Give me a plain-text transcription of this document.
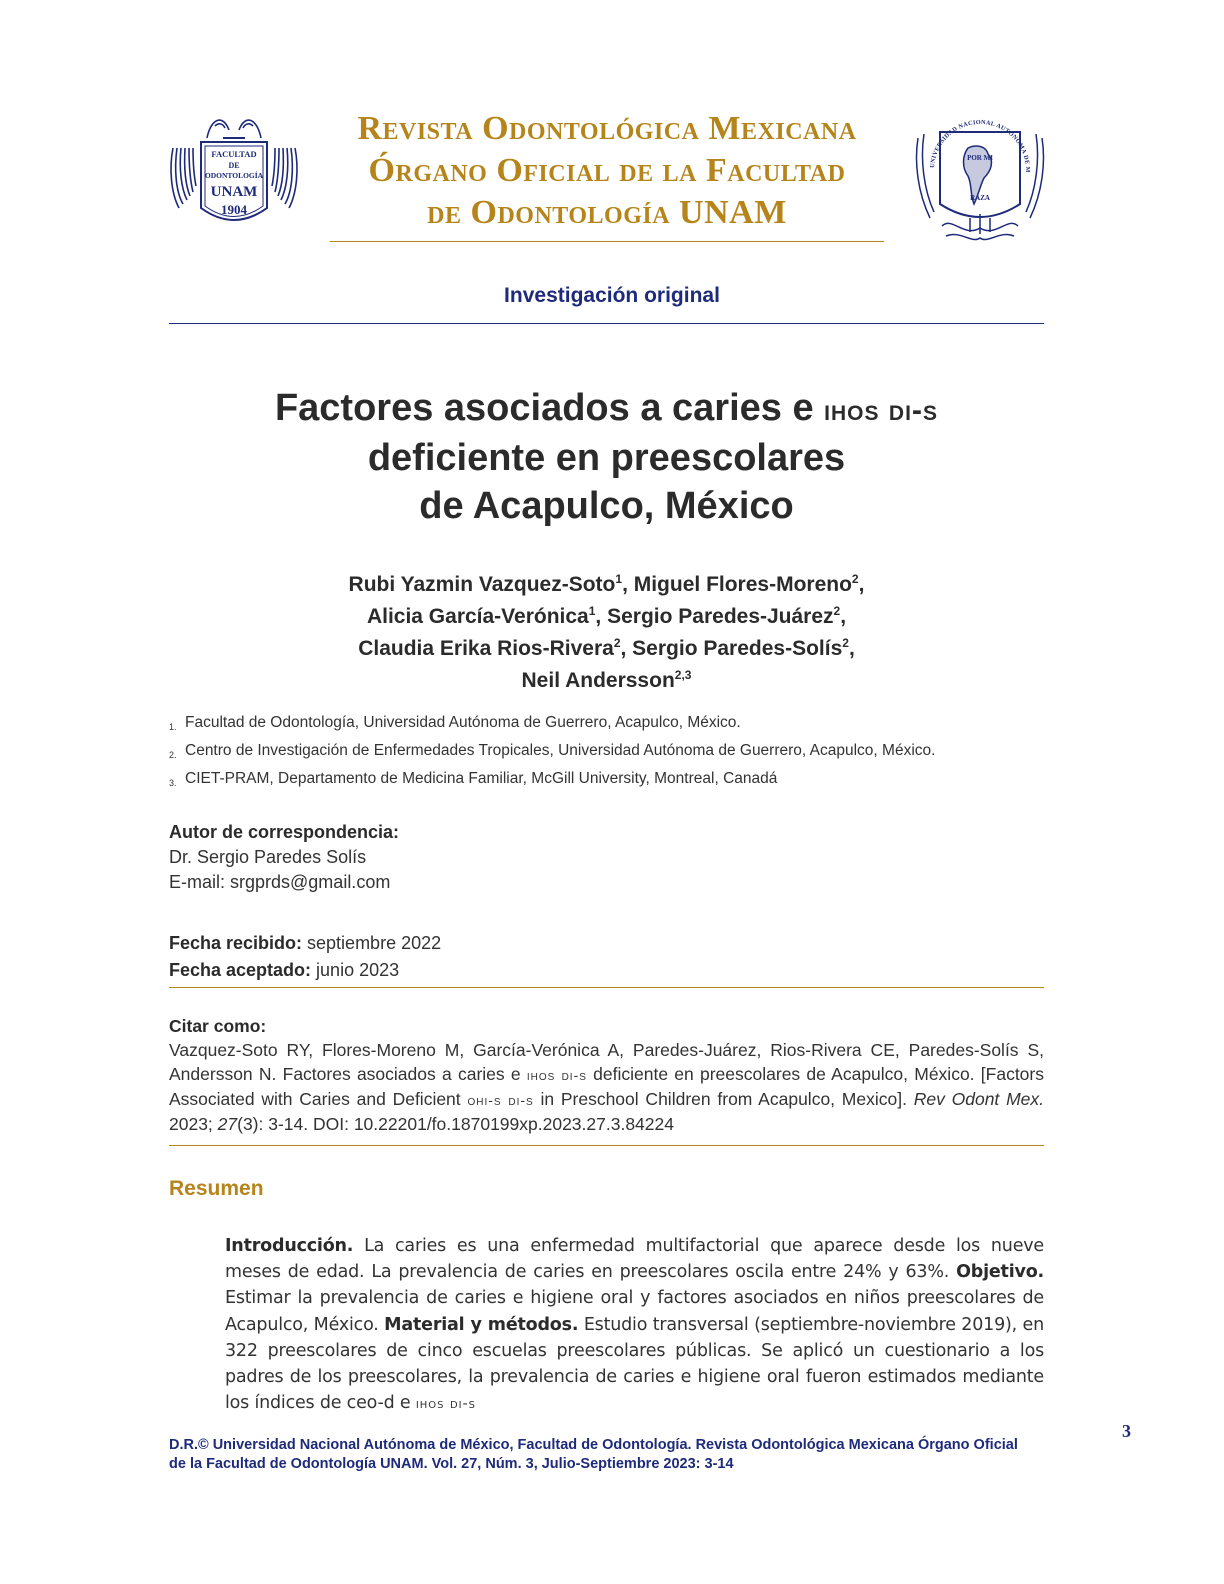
FACULTAD
DE
ODONTOLOGÍA
UNAM
1904
Revista Odontológica Mexicana
Órgano Oficial de la Facultad
de Odontología UNAM
UNIVERSIDAD NACIONAL AUTÓNOMA DE M
POR MI
RAZA
Investigación original
Factores asociados a caries e ihos di-s
deficiente en preescolares
de Acapulco, México
Rubi Yazmin Vazquez-Soto$^1$, Miguel Flores-Moreno$^2$,
Alicia García-Verónica$^1$, Sergio Paredes-Juárez$^2$,
Claudia Erika Rios-Rivera$^2$, Sergio Paredes-Solís$^2$,
Neil Andersson$^{2,3}$
1. Facultad de Odontología, Universidad Autónoma de Guerrero, Acapulco, México.
2. Centro de Investigación de Enfermedades Tropicales, Universidad Autónoma de Guerrero, Acapulco, México.
3. CIET-PRAM, Departamento de Medicina Familiar, McGill University, Montreal, Canadá
Autor de correspondencia:
Dr. Sergio Paredes Solís
E-mail: srgprds@gmail.com
Fecha recibido: septiembre 2022
Fecha aceptado: junio 2023
Citar como:
Vazquez-Soto RY, Flores-Moreno M, García-Verónica A, Paredes-Juárez, Rios-Rivera CE, Paredes-Solís S, Andersson N. Factores asociados a caries e ihos di-s deficiente en preescolares de Acapulco, México. [Factors Associated with Caries and Deficient ohi-s di-s in Preschool Children from Acapulco, Mexico]. Rev Odont Mex. 2023; 27(3): 3-14. DOI: 10.22201/fo.1870199xp.2023.27.3.84224
Resumen
Introducción. La caries es una enfermedad multifactorial que aparece desde los nueve meses de edad. La prevalencia de caries en preescolares oscila entre 24% y 63%. Objetivo. Estimar la prevalencia de caries e higiene oral y factores asociados en niños preescolares de Acapulco, México. Material y métodos. Estudio transversal (septiembre-noviembre 2019), en 322 preescolares de cinco escuelas preescolares públicas. Se aplicó un cuestionario a los padres de los preescolares, la prevalencia de caries e higiene oral fueron estimados mediante los índices de ceo-d e ihos di-s
D.R.© Universidad Nacional Autónoma de México, Facultad de Odontología. Revista Odontológica Mexicana Órgano Oficial
de la Facultad de Odontología UNAM. Vol. 27, Núm. 3, Julio-Septiembre 2023: 3-14
3
